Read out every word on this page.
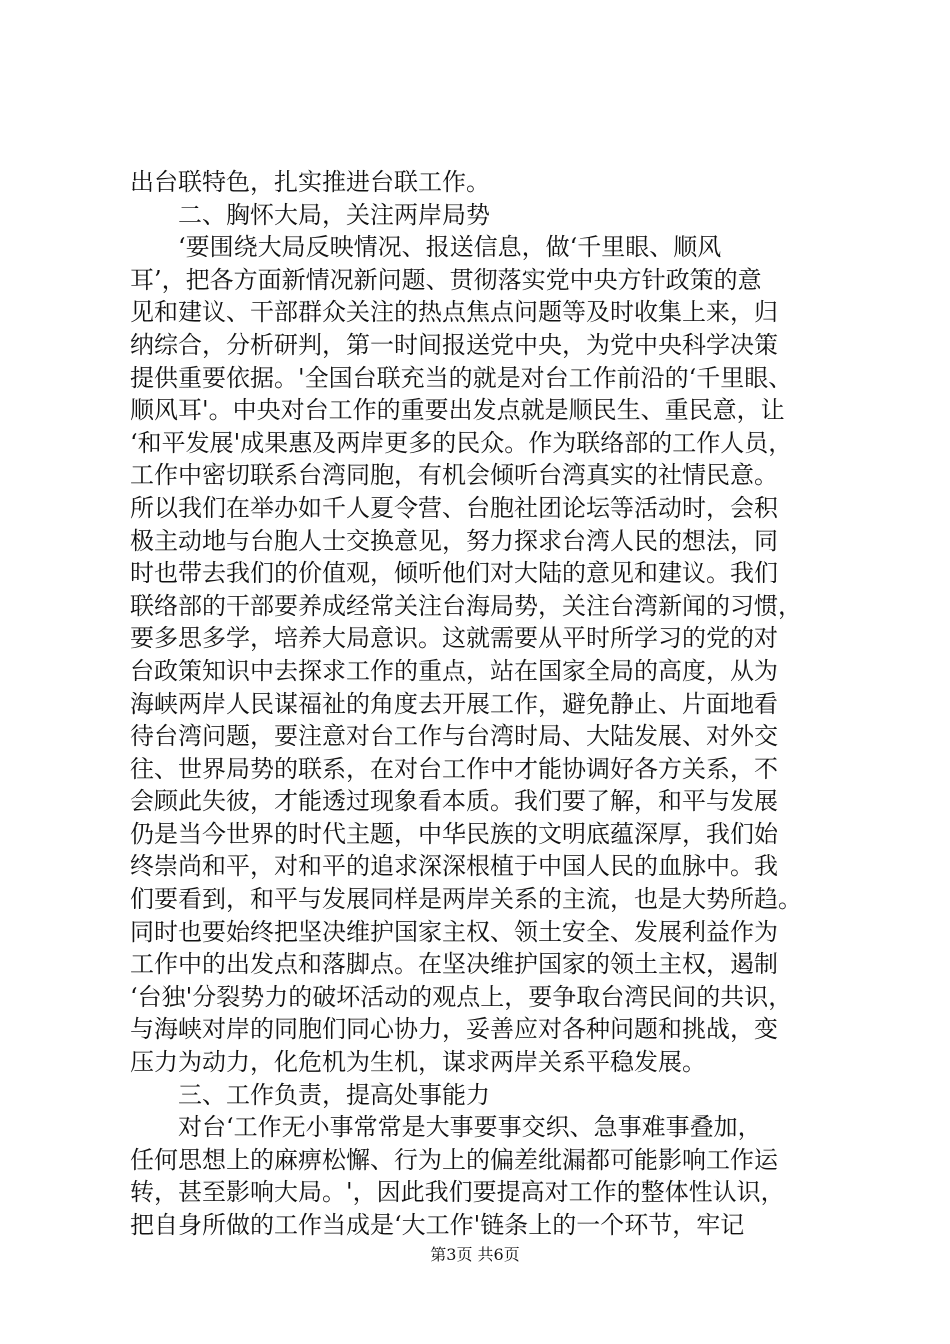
出台联特色，扎实推进台联工作。
　　二、胸怀大局，关注两岸局势
　　‘要围绕大局反映情况、报送信息，做‘千里眼、顺风
耳’，把各方面新情况新问题、贯彻落实党中央方针政策的意
见和建议、干部群众关注的热点焦点问题等及时收集上来，归
纳综合，分析研判，第一时间报送党中央，为党中央科学决策
提供重要依据。'全国台联充当的就是对台工作前沿的‘千里眼、
顺风耳'。中央对台工作的重要出发点就是顺民生、重民意，让
‘和平发展'成果惠及两岸更多的民众。作为联络部的工作人员，
工作中密切联系台湾同胞，有机会倾听台湾真实的社情民意。
所以我们在举办如千人夏令营、台胞社团论坛等活动时，会积
极主动地与台胞人士交换意见，努力探求台湾人民的想法，同
时也带去我们的价值观，倾听他们对大陆的意见和建议。我们
联络部的干部要养成经常关注台海局势，关注台湾新闻的习惯，
要多思多学，培养大局意识。这就需要从平时所学习的党的对
台政策知识中去探求工作的重点，站在国家全局的高度，从为
海峡两岸人民谋福祉的角度去开展工作，避免静止、片面地看
待台湾问题，要注意对台工作与台湾时局、大陆发展、对外交
往、世界局势的联系，在对台工作中才能协调好各方关系，不
会顾此失彼，才能透过现象看本质。我们要了解，和平与发展
仍是当今世界的时代主题，中华民族的文明底蕴深厚，我们始
终崇尚和平，对和平的追求深深根植于中国人民的血脉中。我
们要看到，和平与发展同样是两岸关系的主流，也是大势所趋。
同时也要始终把坚决维护国家主权、领土安全、发展利益作为
工作中的出发点和落脚点。在坚决维护国家的领土主权，遏制
‘台独'分裂势力的破坏活动的观点上，要争取台湾民间的共识，
与海峡对岸的同胞们同心协力，妥善应对各种问题和挑战，变
压力为动力，化危机为生机，谋求两岸关系平稳发展。
　　三、工作负责，提高处事能力
　　对台‘工作无小事常常是大事要事交织、急事难事叠加，
任何思想上的麻痹松懈、行为上的偏差纰漏都可能影响工作运
转，甚至影响大局。'，因此我们要提高对工作的整体性认识，
把自身所做的工作当成是‘大工作'链条上的一个环节，牢记
第3页 共6页
